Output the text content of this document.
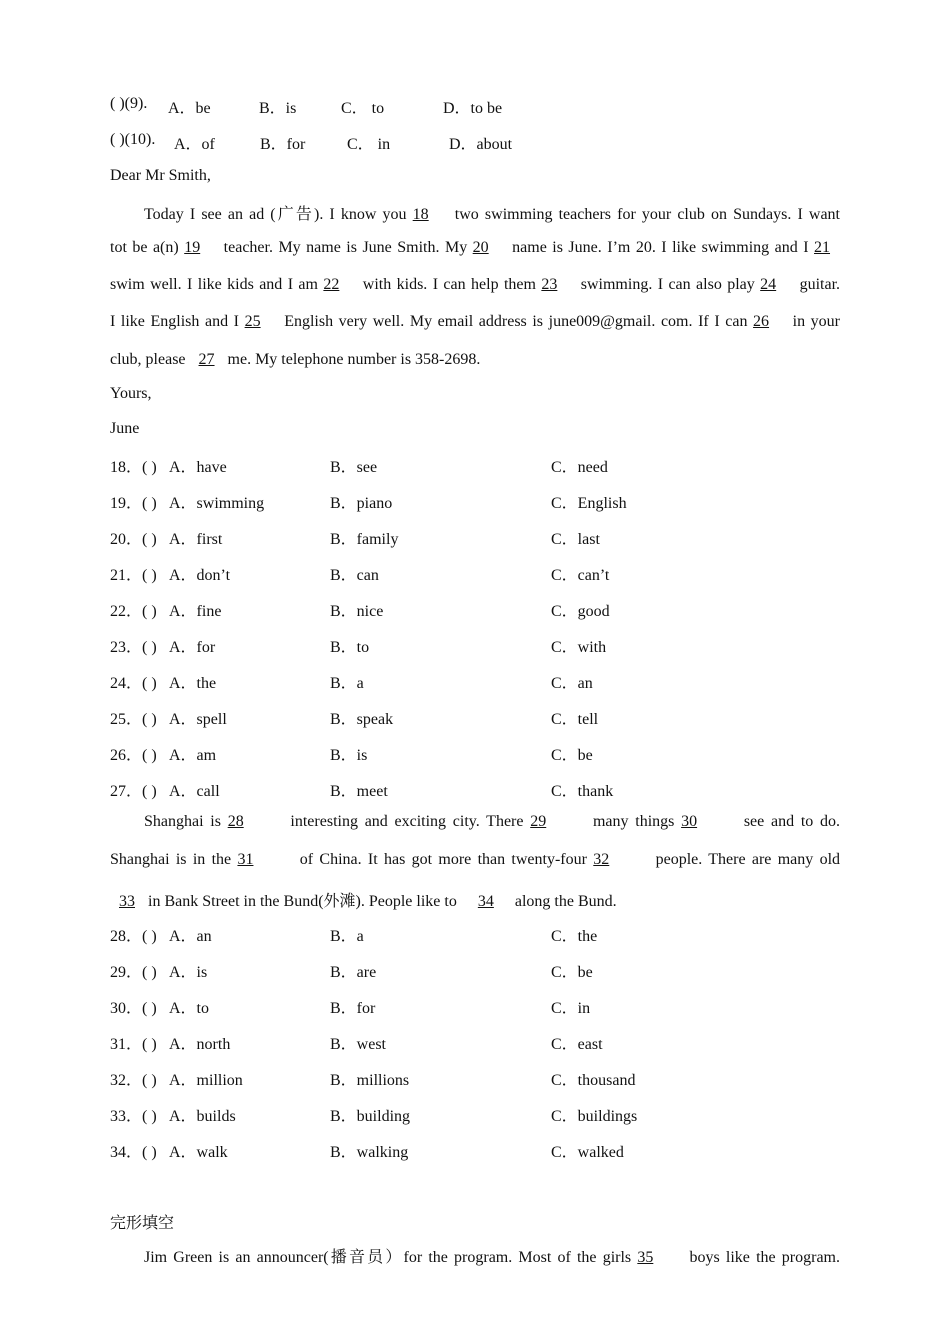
( )(9). A．be	B．is	C． to	D．to be
( )(10). A．of	B．for	C． in	D．about
Dear Mr Smith,
Today I see an ad (广告). I know you 18 two swimming teachers for your club on Sundays. I want
tot be a(n) 19 teacher. My name is June Smith. My 20 name is June. I’m 20. I like swimming and I 21
swim well. I like kids and I am 22 with kids. I can help them 23 swimming. I can also play 24 guitar.
I like English and I 25 English very well. My email address is june009@gmail. com. If I can 26 in your
club, please 27 me. My telephone number is 358-2698.
Yours,
June
18．( ) A．have	B．see	C．need
19．( ) A．swimming	B．piano	C．English
20．( ) A．first	B．family	C．last
21．( ) A．don’t	B．can	C．can’t
22．( ) A．fine	B．nice	C．good
23．( ) A．for	B．to	C．with
24．( ) A．the	B．a	C．an
25．( ) A．spell	B．speak	C．tell
26．( ) A．am	B．is	C．be
27．( ) A．call	B．meet	C．thank
Shanghai is 28	interesting and exciting city. There 29	many things 30	see and to do.
Shanghai is in the 31	of China. It has got more than twenty-four 32	people. There are many old
33 in Bank Street in the Bund(外滩). People like to 34 along the Bund.
28．( ) A．an	B．a	C．the
29．( ) A．is	B．are	C．be
30．( ) A．to	B．for	C．in
31．( ) A．north	B．west	C．east
32．( ) A．million	B．millions	C．thousand
33．( ) A．builds	B．building	C．buildings
34．( ) A．walk	B．walking	C．walked
完形填空
Jim Green is an announcer(播音员）for the program. Most of the girls 35 boys like the program.
